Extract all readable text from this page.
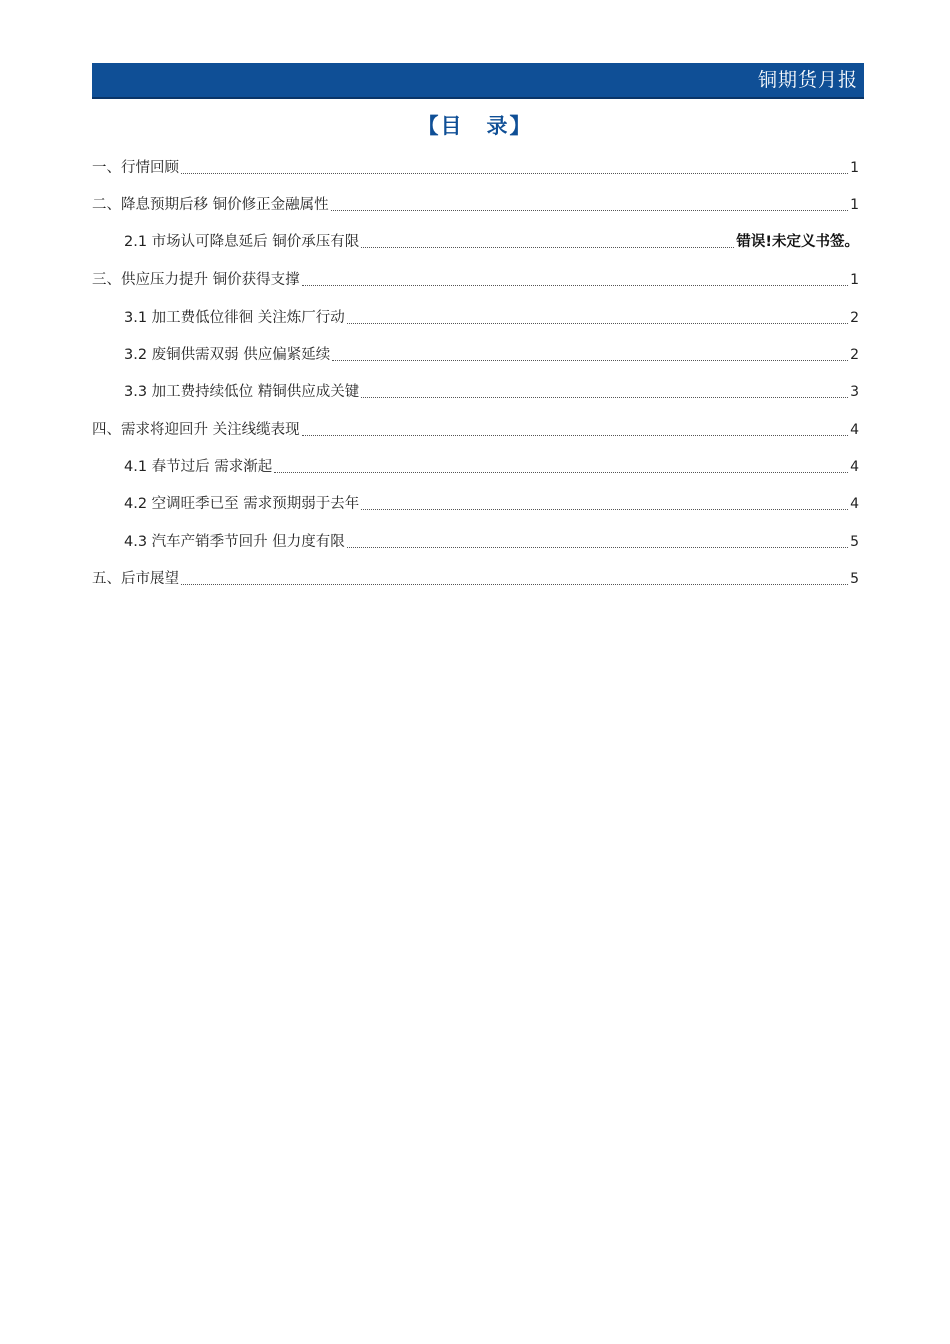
铜期货月报
【目　录】
一、行情回顾	1
二、降息预期后移 铜价修正金融属性	1
2.1 市场认可降息延后 铜价承压有限	错误!未定义书签。
三、供应压力提升 铜价获得支撑	1
3.1 加工费低位徘徊 关注炼厂行动	2
3.2 废铜供需双弱 供应偏紧延续	2
3.3 加工费持续低位 精铜供应成关键	3
四、需求将迎回升 关注线缆表现	4
4.1 春节过后 需求渐起	4
4.2 空调旺季已至 需求预期弱于去年	4
4.3 汽车产销季节回升 但力度有限	5
五、后市展望	5
